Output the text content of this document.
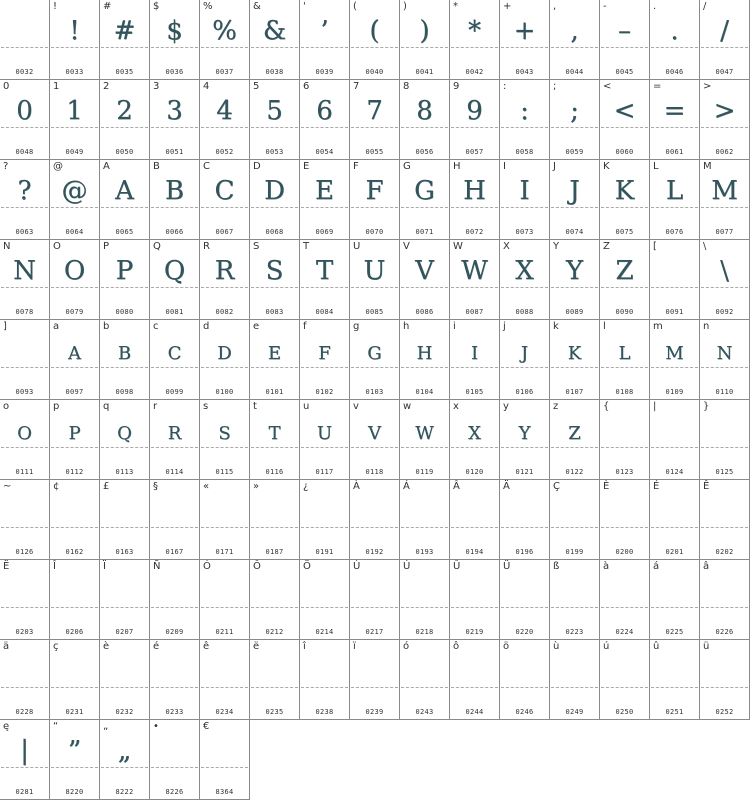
0032
!
!
0033
#
#
0035
$
$
0036
%
%
0037
&
&
0038
'
’
0039
(
(
0040
)
)
0041
*
*
0042
+
+
0043
,
,
0044
-
–
0045
.
.
0046
/
/
0047
0
0
0048
1
1
0049
2
2
0050
3
3
0051
4
4
0052
5
5
0053
6
6
0054
7
7
0055
8
8
0056
9
9
0057
:
:
0058
;
;
0059
<
<
0060
=
=
0061
>
>
0062
?
?
0063
@
@
0064
A
A
0065
B
B
0066
C
C
0067
D
D
0068
E
E
0069
F
F
0070
G
G
0071
H
H
0072
I
I
0073
J
J
0074
K
K
0075
L
L
0076
M
M
0077
N
N
0078
O
O
0079
P
P
0080
Q
Q
0081
R
R
0082
S
S
0083
T
T
0084
U
U
0085
V
V
0086
W
W
0087
X
X
0088
Y
Y
0089
Z
Z
0090
[
0091
\
\
0092
]
0093
a
A
0097
b
B
0098
c
C
0099
d
D
0100
e
E
0101
f
F
0102
g
G
0103
h
H
0104
i
I
0105
j
J
0106
k
K
0107
l
L
0108
m
M
0109
n
N
0110
o
O
0111
p
P
0112
q
Q
0113
r
R
0114
s
S
0115
t
T
0116
u
U
0117
v
V
0118
w
W
0119
x
X
0120
y
Y
0121
z
Z
0122
{
0123
|
0124
}
0125
~
0126
¢
0162
£
0163
§
0167
«
0171
»
0187
¿
0191
À
0192
Á
0193
Â
0194
Ä
0196
Ç
0199
È
0200
É
0201
Ê
0202
Ë
0203
Î
0206
Ï
0207
Ñ
0209
Ó
0211
Ô
0212
Ö
0214
Ù
0217
Ú
0218
Û
0219
Ü
0220
ß
0223
à
0224
á
0225
â
0226
ä
0228
ç
0231
è
0232
é
0233
ê
0234
ë
0235
î
0238
ï
0239
ó
0243
ô
0244
ö
0246
ù
0249
ú
0250
û
0251
ü
0252
ę
|
0281
“
”
8220
„
„
8222
•
8226
€
8364
